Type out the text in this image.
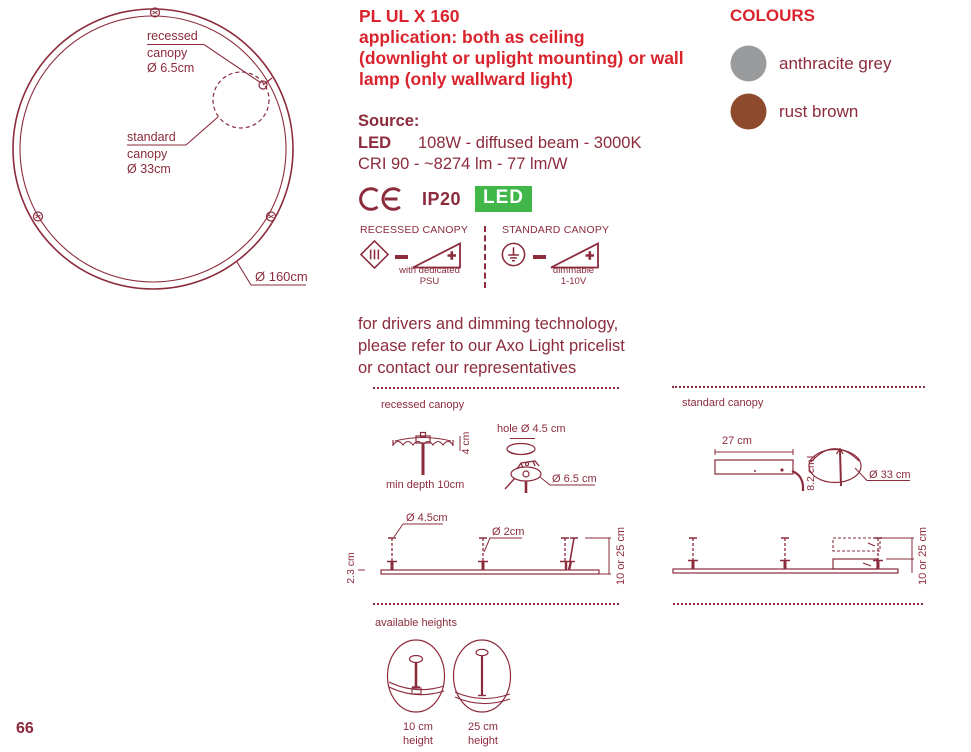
recessed
canopy
Ø 6.5cm
standard
canopy
Ø 33cm
Ø 160cm
PL UL X 160
application: both as ceiling
(downlight or uplight mounting) or wall
lamp (only wallward light)
COLOURS
anthracite grey
rust brown
Source:
LED 108W - diffused beam - 3000K
CRI 90 - ~8274 lm - 77 lm/W
IP20	LED
RECESSED CANOPY
with dedicated
PSU
STANDARD CANOPY
dimmable
1-10V
for drivers and dimming technology,
please refer to our Axo Light pricelist
or contact our representatives
recessed canopy
4 cm
min depth 10cm
hole Ø 4.5 cm
Ø 6.5 cm
Ø 4.5cm
Ø 2cm
2.3 cm	10 or 25 cm
standard canopy
27 cm
8.2 cm	Ø 33 cm
10 or 25 cm
available heights
10 cm
height
25 cm
height
66
